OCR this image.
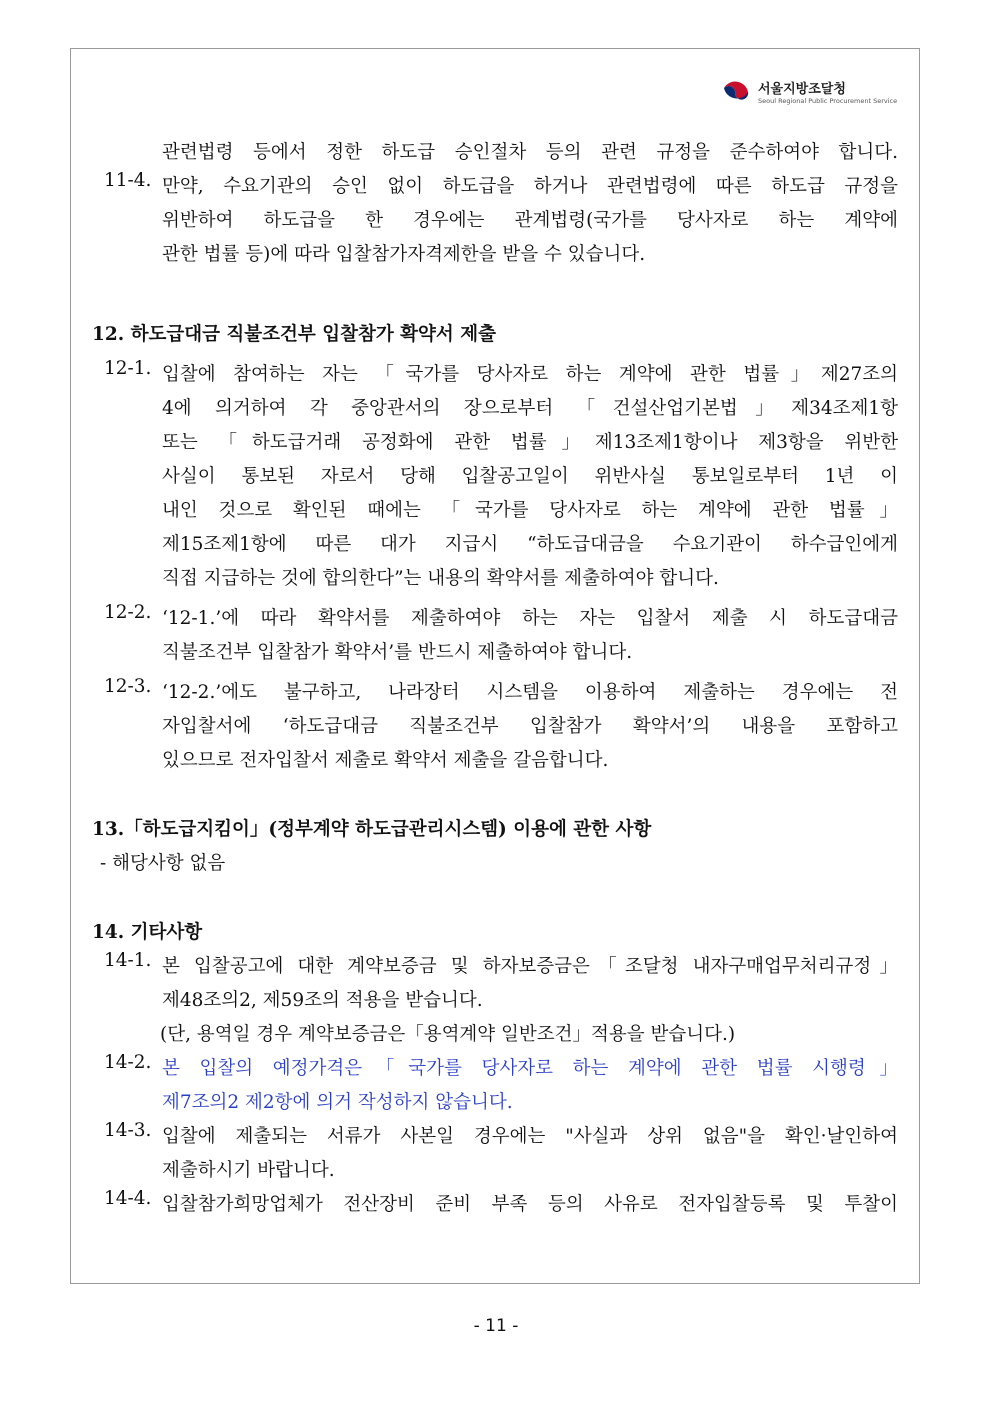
서울지방조달청
Seoul Regional Public Procurement Service
관련법령 등에서 정한 하도급 승인절차 등의 관련 규정을 준수하여야 합니다.
11-4. 만약, 수요기관의 승인 없이 하도급을 하거나 관련법령에 따른 하도급 규정을
위반하여 하도급을 한 경우에는 관계법령(국가를 당사자로 하는 계약에
관한 법률 등)에 따라 입찰참가자격제한을 받을 수 있습니다.
12. 하도급대금 직불조건부 입찰참가 확약서 제출
12-1. 입찰에 참여하는 자는 「국가를 당사자로 하는 계약에 관한 법률」제27조의
4에 의거하여 각 중앙관서의 장으로부터 「건설산업기본법」제34조제1항
또는 「하도급거래 공정화에 관한 법률」제13조제1항이나 제3항을 위반한
사실이 통보된 자로서 당해 입찰공고일이 위반사실 통보일로부터 1년 이
내인 것으로 확인된 때에는 「국가를 당사자로 하는 계약에 관한 법률」
제15조제1항에 따른 대가 지급시 “하도급대금을 수요기관이 하수급인에게
직접 지급하는 것에 합의한다”는 내용의 확약서를 제출하여야 합니다.
12-2. ‘12-1.’에 따라 확약서를 제출하여야 하는 자는 입찰서 제출 시 하도급대금
직불조건부 입찰참가 확약서’를 반드시 제출하여야 합니다.
12-3. ‘12-2.’에도 불구하고, 나라장터 시스템을 이용하여 제출하는 경우에는 전
자입찰서에 ‘하도급대금 직불조건부 입찰참가 확약서’의 내용을 포함하고
있으므로 전자입찰서 제출로 확약서 제출을 갈음합니다.
13.「하도급지킴이」(정부계약 하도급관리시스템) 이용에 관한 사항
- 해당사항 없음
14. 기타사항
14-1. 본 입찰공고에 대한 계약보증금 및 하자보증금은「조달청 내자구매업무처리규정」
제48조의2, 제59조의 적용을 받습니다.
(단, 용역일 경우 계약보증금은「용역계약 일반조건」적용을 받습니다.)
14-2. 본 입찰의 예정가격은「국가를 당사자로 하는 계약에 관한 법률 시행령」
제7조의2 제2항에 의거 작성하지 않습니다.
14-3. 입찰에 제출되는 서류가 사본일 경우에는 "사실과 상위 없음"을 확인·날인하여
제출하시기 바랍니다.
14-4. 입찰참가희망업체가 전산장비 준비 부족 등의 사유로 전자입찰등록 및 투찰이
- 11 -
